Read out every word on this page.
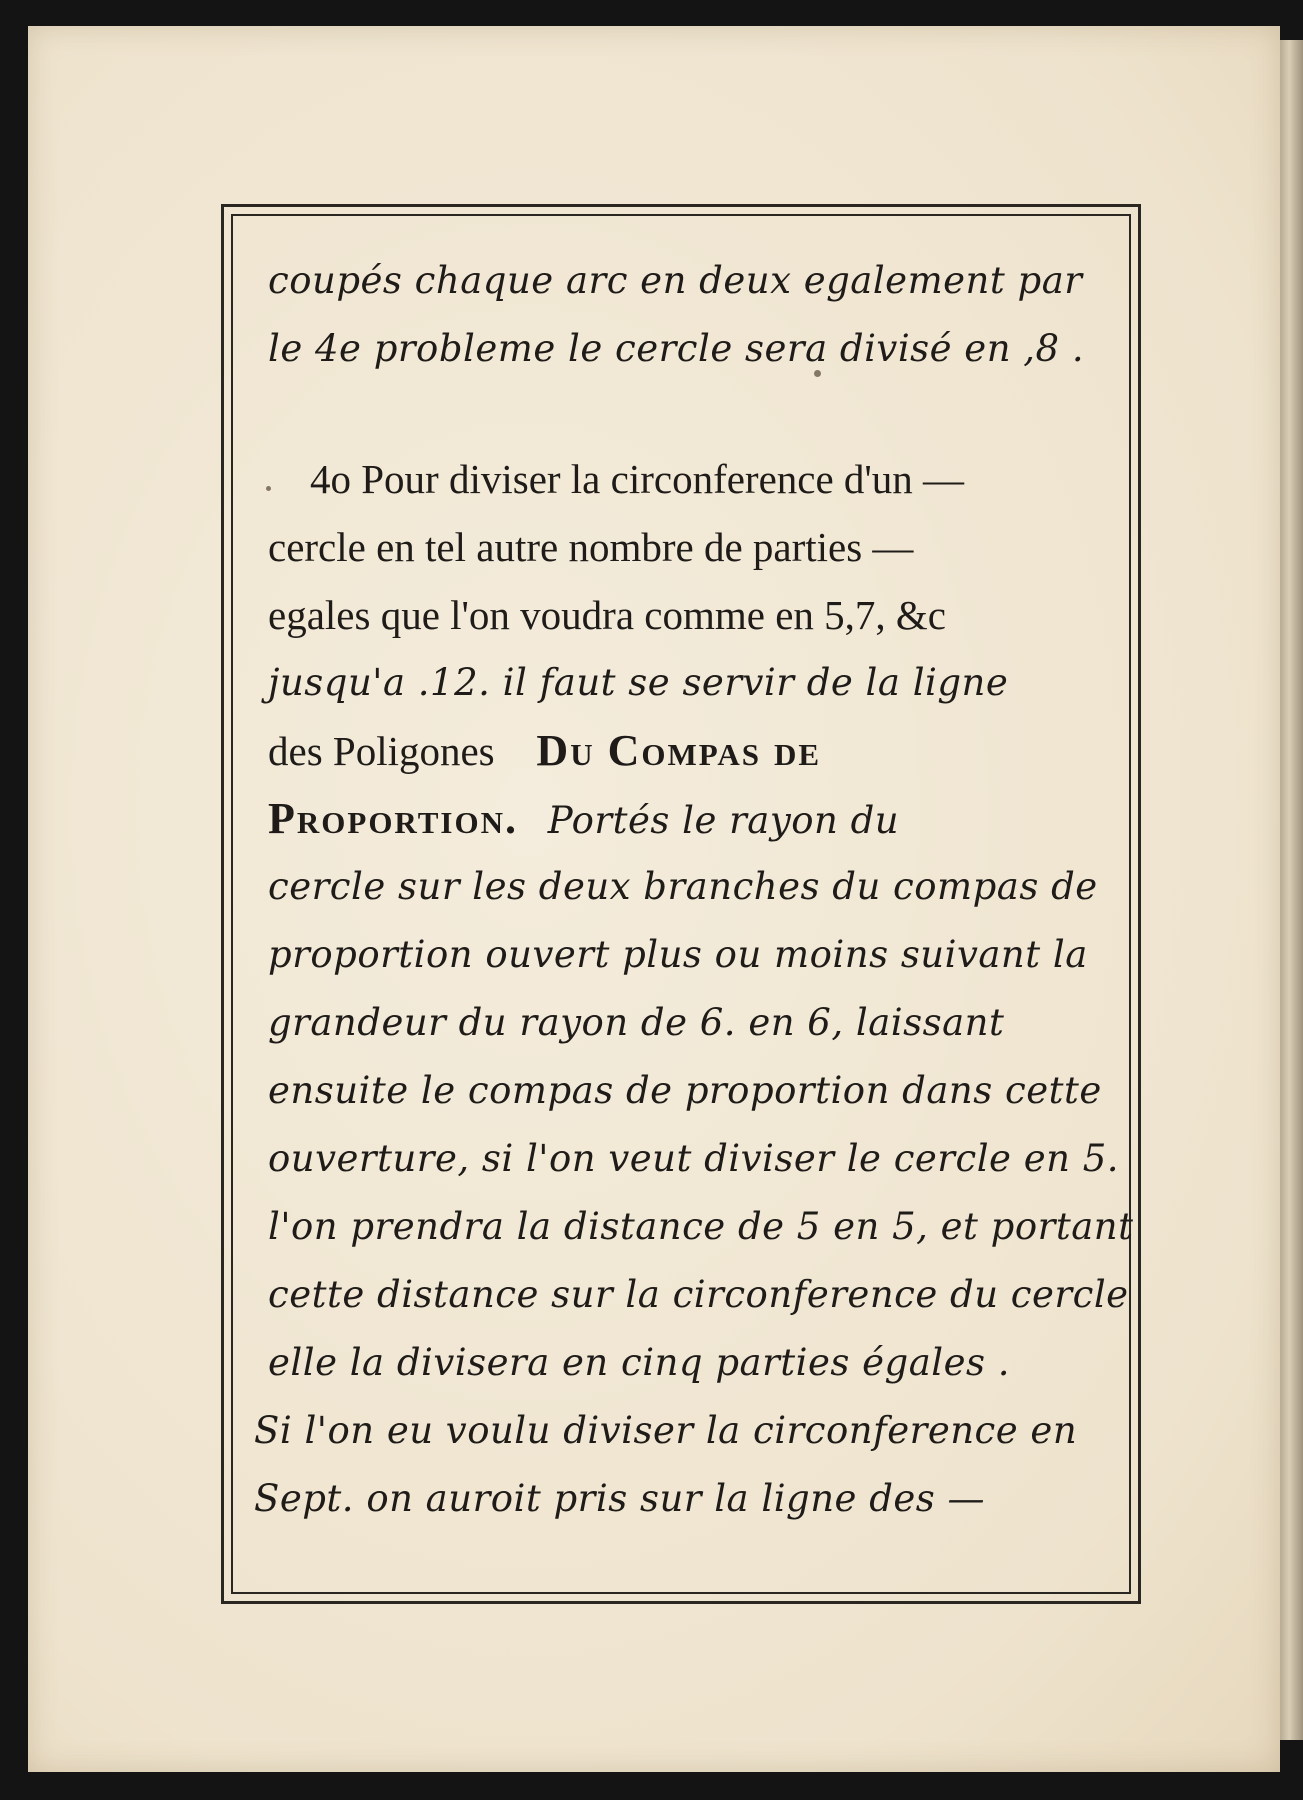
coupés chaque arc en deux egalement par
le 4e probleme le cercle sera divisé en ,8 .
4o Pour diviser la circonference d'un —
cercle en tel autre nombre de parties —
egales que l'on voudra comme en 5,7, &c
jusqu'a .12. il faut se servir de la ligne
des Poligones Du Compas de
Proportion. Portés le rayon du
cercle sur les deux branches du compas de
proportion ouvert plus ou moins suivant la
grandeur du rayon de 6. en 6, laissant
ensuite le compas de proportion dans cette
ouverture, si l'on veut diviser le cercle en 5.
l'on prendra la distance de 5 en 5, et portant
cette distance sur la circonference du cercle
elle la divisera en cinq parties égales .
Si l'on eu voulu diviser la circonference en
Sept. on auroit pris sur la ligne des —
